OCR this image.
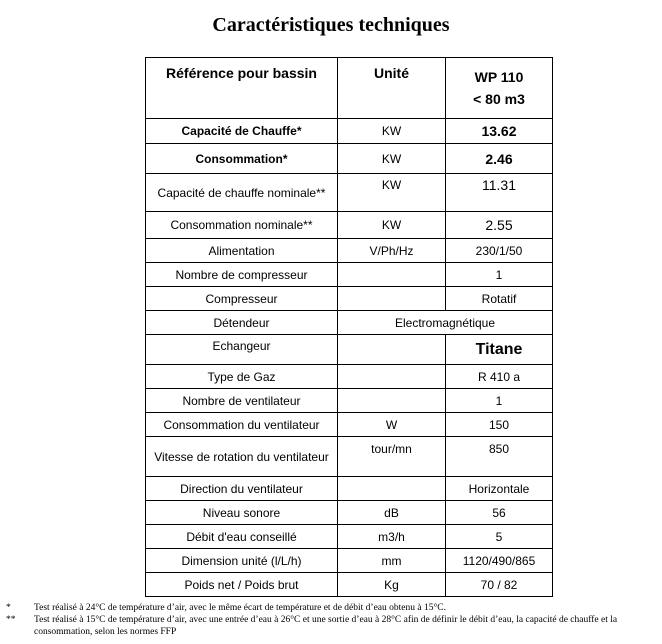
Caractéristiques techniques
Référence pour bassin	Unité	WP 110
< 80 m3

Capacité de Chauffe*	KW	13.62
Consommation*	KW	2.46
Capacité de chauffe nominale**	KW	11.31
Consommation nominale**	KW	2.55
Alimentation	V/Ph/Hz	230/1/50
Nombre de compresseur		1
Compresseur		Rotatif
Détendeur	Electromagnétique	
Echangeur		Titane
Type de Gaz		R 410 a
Nombre de ventilateur		1
Consommation du ventilateur	W	150
Vitesse de rotation du ventilateur	tour/mn	850
Direction du ventilateur		Horizontale
Niveau sonore	dB	56
Débit d'eau conseillé	m3/h	5
Dimension unité (l/L/h)	mm	1120/490/865
Poids net / Poids brut	Kg	70 / 82
* Test réalisé à 24°C de température d’air, avec le même écart de température et de débit d’eau obtenu à 15°C.
** Test réalisé à 15°C de température d’air, avec une entrée d’eau à 26°C et une sortie d’eau à 28°C afin de définir le débit d’eau, la capacité de chauffe et la consommation, selon les normes FFP
